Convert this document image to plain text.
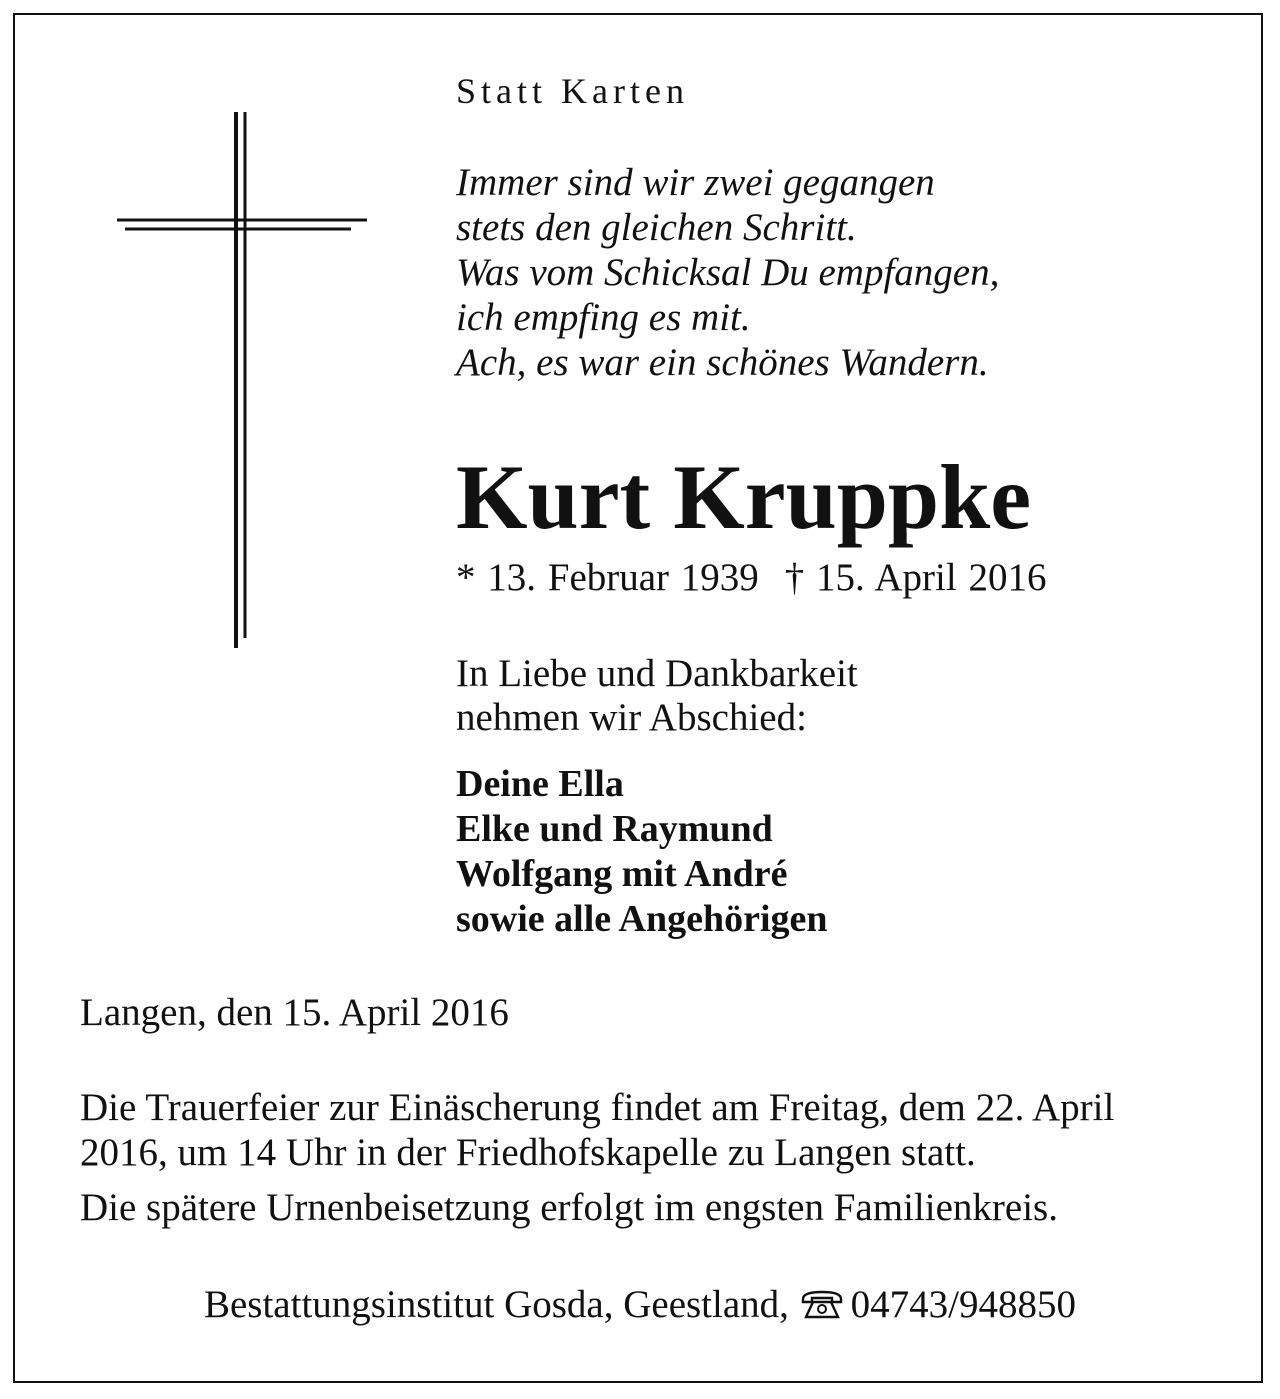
Statt Karten
Immer sind wir zwei gegangen
stets den gleichen Schritt.
Was vom Schicksal Du empfangen,
ich empfing es mit.
Ach, es war ein schönes Wandern.
Kurt Kruppke
* 13. Februar 1939 † 15. April 2016
In Liebe und Dankbarkeit
nehmen wir Abschied:
Deine Ella
Elke und Raymund
Wolfgang mit André
sowie alle Angehörigen
Langen, den 15. April 2016
Die Trauerfeier zur Einäscherung findet am Freitag, dem 22. April
2016, um 14 Uhr in der Friedhofskapelle zu Langen statt.
Die spätere Urnenbeisetzung erfolgt im engsten Familienkreis.
Bestattungsinstitut Gosda, Geestland, 04743/948850
